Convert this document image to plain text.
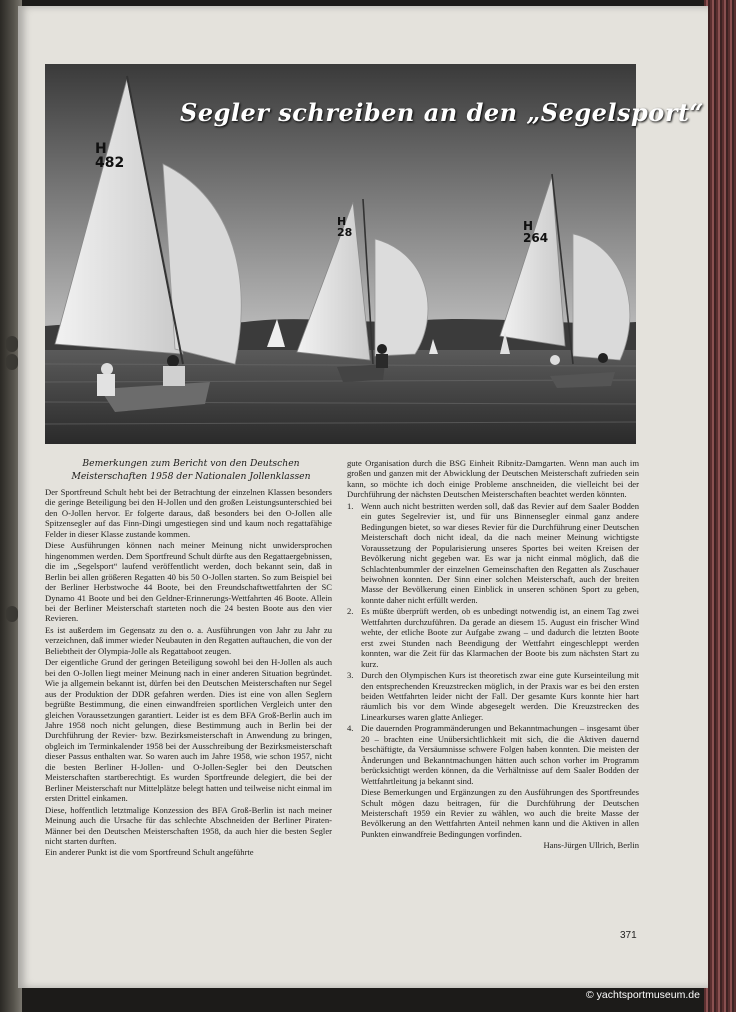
H
482
H
28	H
264
Segler schreiben an den „Segelsport“
Bemerkungen zum Bericht von den Deutschen Meisterschaften 1958 der Nationalen Jollenklassen

Der Sportfreund Schult hebt bei der Betrachtung der einzelnen Klassen besonders die geringe Beteiligung bei den H-Jollen und den großen Leistungsunterschied bei den O-Jollen hervor. Er folgerte daraus, daß besonders bei den O-Jollen alle Spitzensegler auf das Finn-Dingi umgestiegen sind und kaum noch regattafähige Felder in dieser Klasse zustande kommen.

Diese Ausführungen können nach meiner Meinung nicht unwidersprochen hingenommen werden. Dem Sportfreund Schult dürfte aus den Regattaergebnissen, die im „Segelsport“ laufend veröffentlicht werden, doch bekannt sein, daß in Berlin bei allen größeren Regatten 40 bis 50 O-Jollen starten. So zum Beispiel bei der Berliner Herbstwoche 44 Boote, bei den Freundschaftwettfahrten der SC Dynamo 41 Boote und bei den Geldner-Erinnerungs-Wettfahrten 46 Boote. Allein bei der Berliner Meisterschaft starteten noch die 24 besten Boote aus den vier Revieren.

Es ist außerdem im Gegensatz zu den o. a. Ausführungen von Jahr zu Jahr zu verzeichnen, daß immer wieder Neubauten in den Regatten auftauchen, die von der Beliebtheit der Olympia-Jolle als Regattaboot zeugen.

Der eigentliche Grund der geringen Beteiligung sowohl bei den H-Jollen als auch bei den O-Jollen liegt meiner Meinung nach in einer anderen Situation begründet. Wie ja allgemein bekannt ist, dürfen bei den Deutschen Meisterschaften nur Segel aus der Produktion der DDR gefahren werden. Dies ist eine von allen Seglern begrüßte Bestimmung, die einen einwandfreien sportlichen Vergleich unter den gleichen Voraussetzungen garantiert. Leider ist es dem BFA Groß-Berlin auch im Jahre 1958 noch nicht gelungen, diese Bestimmung auch in Berlin bei der Durchführung der Revier- bzw. Bezirksmeisterschaft in Anwendung zu bringen, obgleich im Terminkalender 1958 bei der Ausschreibung der Bezirksmeisterschaft dieser Passus enthalten war. So waren auch im Jahre 1958, wie schon 1957, nicht die besten Berliner H-Jollen- und O-Jollen-Segler bei den Deutschen Meisterschaften startberechtigt. Es wurden Sportfreunde delegiert, die bei der Berliner Meisterschaft nur Mittelplätze belegt hatten und teilweise nicht einmal im ersten Drittel einkamen.

Diese, hoffentlich letztmalige Konzession des BFA Groß-Berlin ist nach meiner Meinung auch die Ursache für das schlechte Abschneiden der Berliner Piraten-Männer bei den Deutschen Meisterschaften 1958, da auch hier die besten Segler nicht starten durften.

Ein anderer Punkt ist die vom Sportfreund Schult angeführte

gute Organisation durch die BSG Einheit Ribnitz-Damgarten. Wenn man auch im großen und ganzen mit der Abwicklung der Deutschen Meisterschaft zufrieden sein kann, so möchte ich doch einige Probleme anschneiden, die vielleicht bei der Durchführung der nächsten Deutschen Meisterschaften beachtet werden könnten.

1. Wenn auch nicht bestritten werden soll, daß das Revier auf dem Saaler Bodden ein gutes Segelrevier ist, und für uns Binnensegler einmal ganz andere Bedingungen bietet, so war dieses Revier für die Durchführung einer Deutschen Meisterschaft doch nicht ideal, da die nach meiner Meinung wichtigste Voraussetzung der Popularisierung unseres Sportes bei weiten Kreisen der Bevölkerung nicht gegeben war. Es war ja nicht einmal möglich, daß die Schlachtenbummler der einzelnen Gemeinschaften den Regatten als Zuschauer beiwohnen konnten. Der Sinn einer solchen Meisterschaft, auch der breiten Masse der Bevölkerung einen Einblick in unseren schönen Sport zu geben, konnte daher nicht erfüllt werden.
2. Es müßte überprüft werden, ob es unbedingt notwendig ist, an einem Tag zwei Wettfahrten durchzuführen. Da gerade an diesem 15. August ein frischer Wind wehte, der etliche Boote zur Aufgabe zwang – und dadurch die letzten Boote erst zwei Stunden nach Beendigung der Wettfahrt eingeschleppt werden konnten, war die Zeit für das Klarmachen der Boote bis zum nächsten Start zu kurz.
3. Durch den Olympischen Kurs ist theoretisch zwar eine gute Kurseinteilung mit den entsprechenden Kreuzstrecken möglich, in der Praxis war es bei den ersten beiden Wettfahrten leider nicht der Fall. Der gesamte Kurs konnte hier hart räumlich bis vor dem Winde abgesegelt werden. Die Kreuzstrecken des Linearkurses waren glatte Anlieger.
4. Die dauernden Programmänderungen und Bekanntmachungen – insgesamt über 20 – brachten eine Unübersichtlichkeit mit sich, die die Aktiven dauernd beschäftigte, da Versäumnisse schwere Folgen haben konnten. Die meisten der Änderungen und Bekanntmachungen hätten auch schon vorher im Programm berücksichtigt werden können, da die Verhältnisse auf dem Saaler Bodden der Wettfahrtleitung ja bekannt sind.

Diese Bemerkungen und Ergänzungen zu den Ausführungen des Sportfreundes Schult mögen dazu beitragen, für die Durchführung der Deutschen Meisterschaft 1959 ein Revier zu wählen, wo auch die breite Masse der Bevölkerung an den Wettfahrten Anteil nehmen kann und die Aktiven in allen Punkten einwandfreie Bedingungen vorfinden.

Hans-Jürgen Ullrich, Berlin
371
© yachtsportmuseum.de
